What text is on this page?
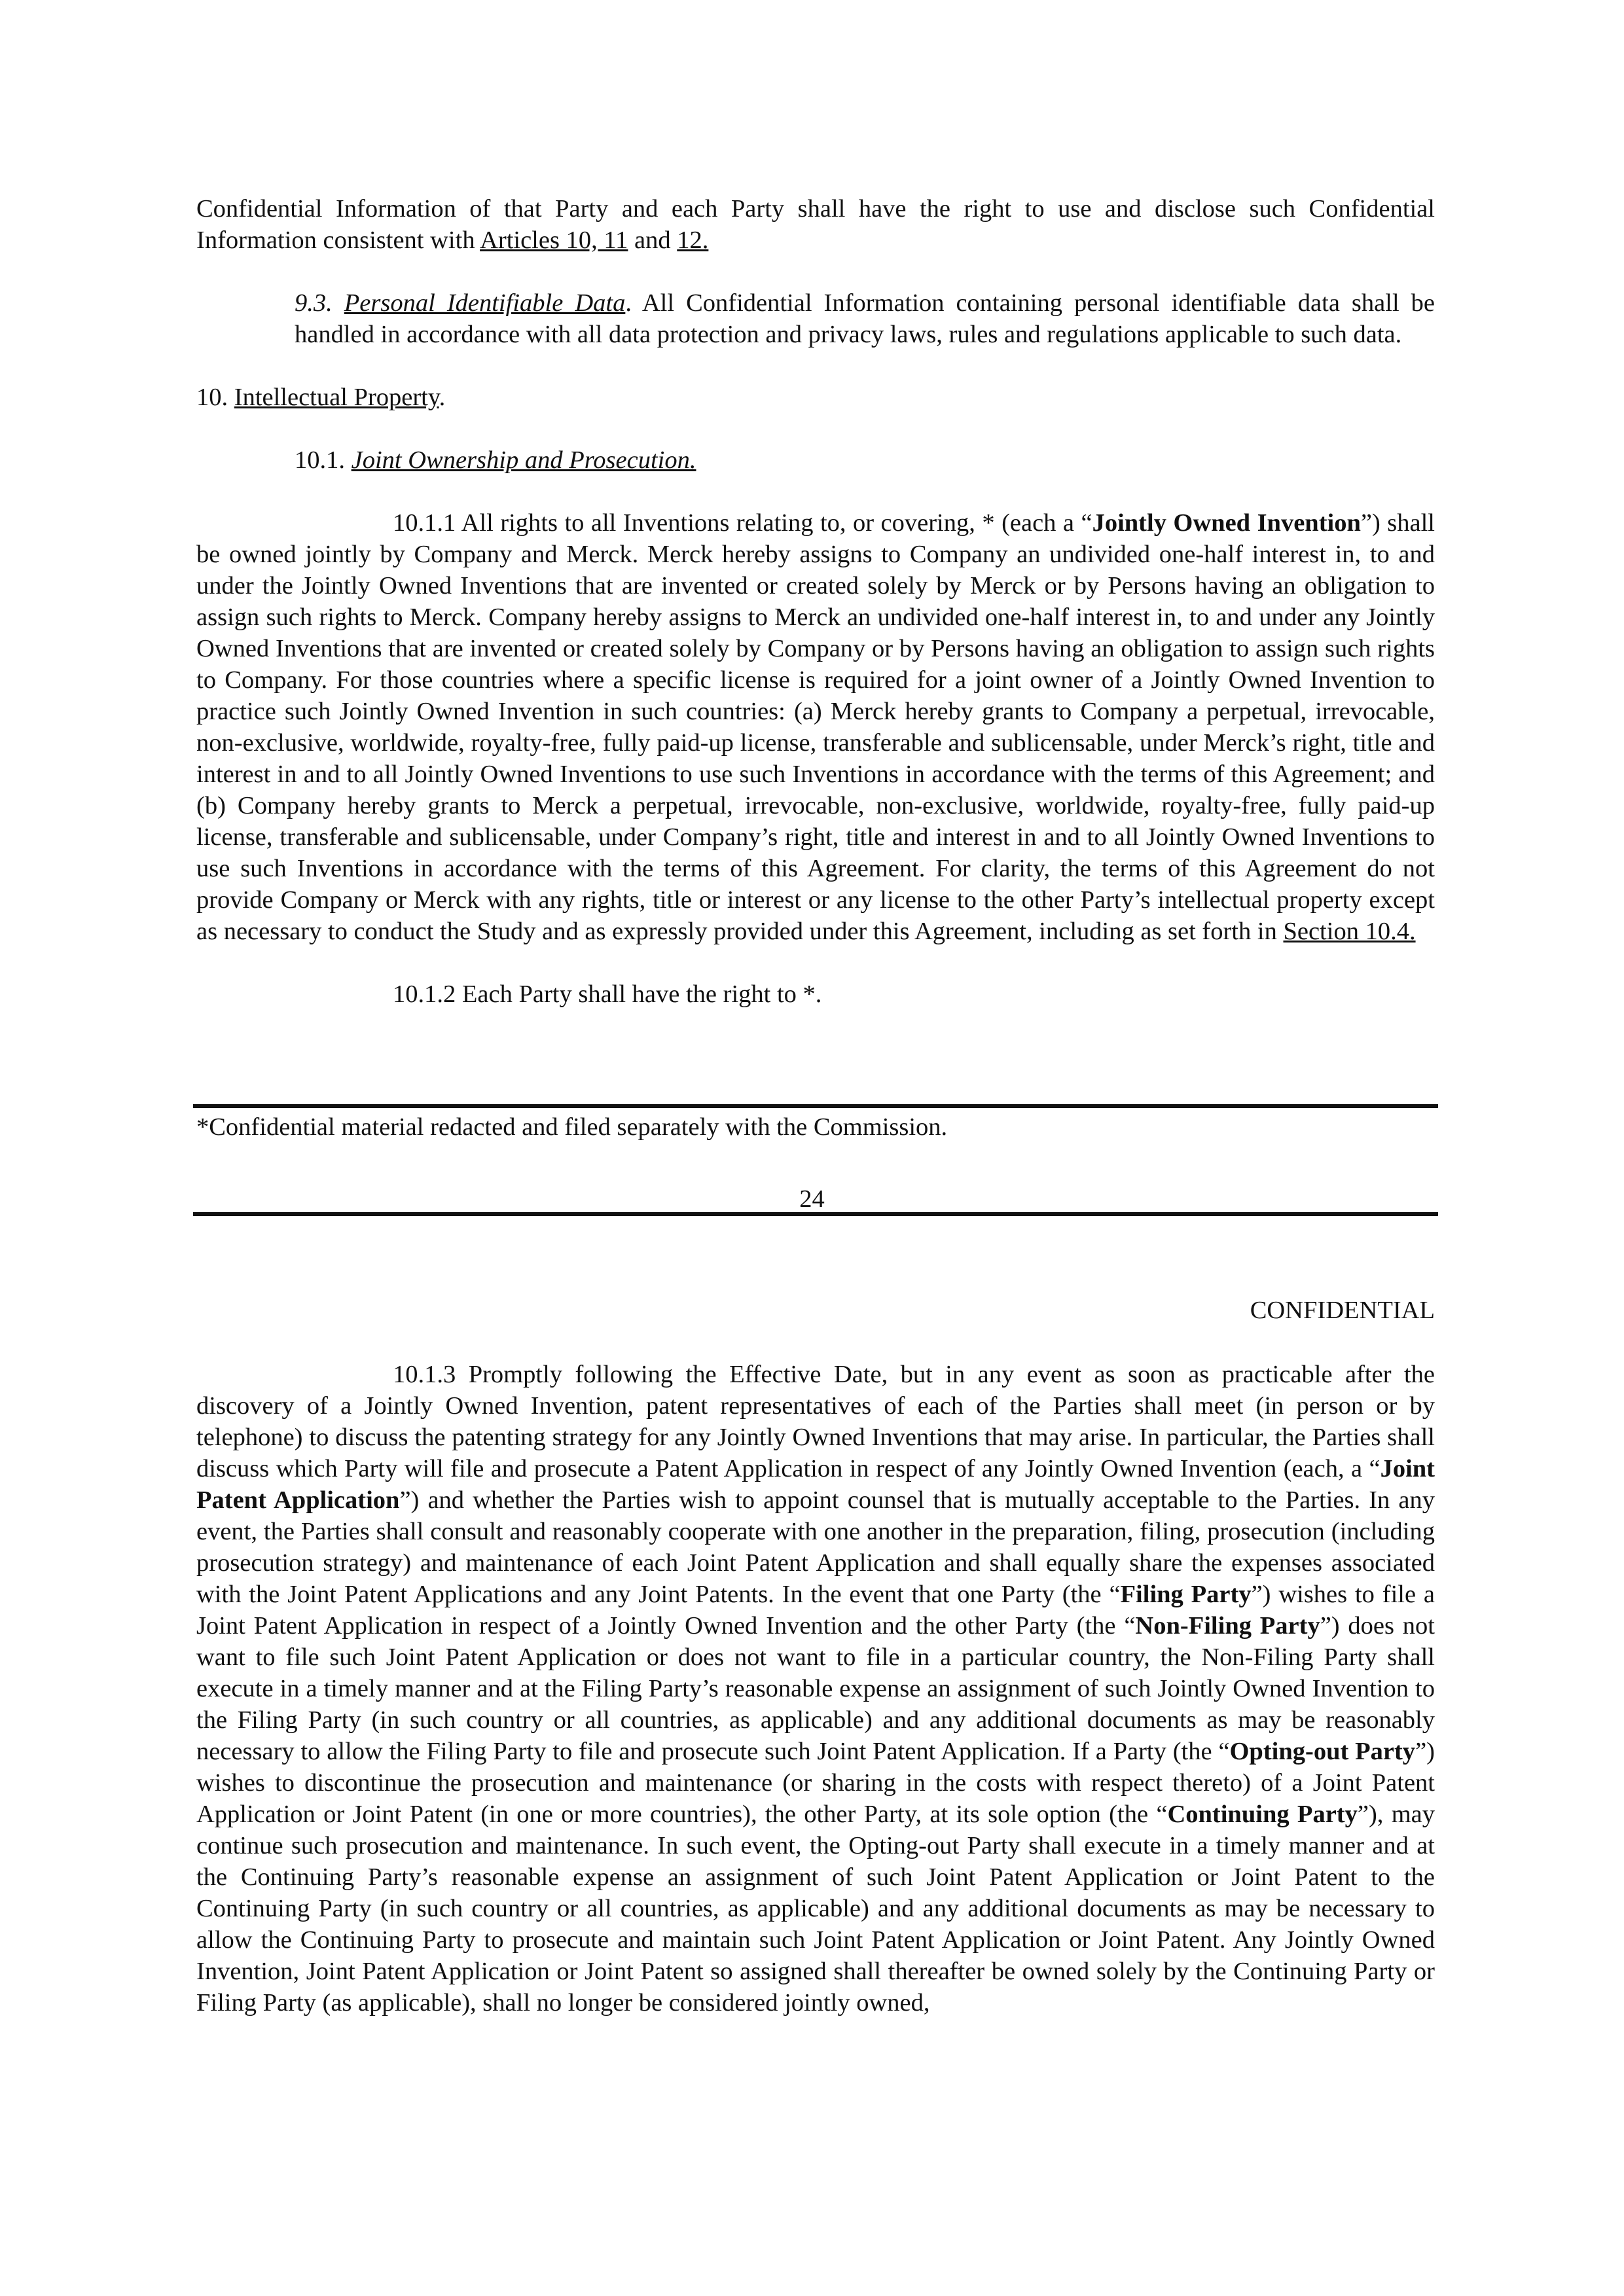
Confidential Information of that Party and each Party shall have the right to use and disclose such Confidential Information consistent with Articles 10, 11 and 12.

9.3. Personal Identifiable Data. All Confidential Information containing personal identifiable data shall be handled in accordance with all data protection and privacy laws, rules and regulations applicable to such data.

10. Intellectual Property.

10.1. Joint Ownership and Prosecution.

10.1.1 All rights to all Inventions relating to, or covering, * (each a “Jointly Owned Invention”) shall be owned jointly by Company and Merck. Merck hereby assigns to Company an undivided one-half interest in, to and under the Jointly Owned Inventions that are invented or created solely by Merck or by Persons having an obligation to assign such rights to Merck. Company hereby assigns to Merck an undivided one-half interest in, to and under any Jointly Owned Inventions that are invented or created solely by Company or by Persons having an obligation to assign such rights to Company. For those countries where a specific license is required for a joint owner of a Jointly Owned Invention to practice such Jointly Owned Invention in such countries: (a) Merck hereby grants to Company a perpetual, irrevocable, non-exclusive, worldwide, royalty-free, fully paid-up license, transferable and sublicensable, under Merck’s right, title and interest in and to all Jointly Owned Inventions to use such Inventions in accordance with the terms of this Agreement; and (b) Company hereby grants to Merck a perpetual, irrevocable, non-exclusive, worldwide, royalty-free, fully paid-up license, transferable and sublicensable, under Company’s right, title and interest in and to all Jointly Owned Inventions to use such Inventions in accordance with the terms of this Agreement. For clarity, the terms of this Agreement do not provide Company or Merck with any rights, title or interest or any license to the other Party’s intellectual property except as necessary to conduct the Study and as expressly provided under this Agreement, including as set forth in Section 10.4.

10.1.2 Each Party shall have the right to *.

*Confidential material redacted and filed separately with the Commission.
24
CONFIDENTIAL

10.1.3 Promptly following the Effective Date, but in any event as soon as practicable after the discovery of a Jointly Owned Invention, patent representatives of each of the Parties shall meet (in person or by telephone) to discuss the patenting strategy for any Jointly Owned Inventions that may arise. In particular, the Parties shall discuss which Party will file and prosecute a Patent Application in respect of any Jointly Owned Invention (each, a “Joint Patent Application”) and whether the Parties wish to appoint counsel that is mutually acceptable to the Parties. In any event, the Parties shall consult and reasonably cooperate with one another in the preparation, filing, prosecution (including prosecution strategy) and maintenance of each Joint Patent Application and shall equally share the expenses associated with the Joint Patent Applications and any Joint Patents. In the event that one Party (the “Filing Party”) wishes to file a Joint Patent Application in respect of a Jointly Owned Invention and the other Party (the “Non-Filing Party”) does not want to file such Joint Patent Application or does not want to file in a particular country, the Non-Filing Party shall execute in a timely manner and at the Filing Party’s reasonable expense an assignment of such Jointly Owned Invention to the Filing Party (in such country or all countries, as applicable) and any additional documents as may be reasonably necessary to allow the Filing Party to file and prosecute such Joint Patent Application. If a Party (the “Opting-out Party”) wishes to discontinue the prosecution and maintenance (or sharing in the costs with respect thereto) of a Joint Patent Application or Joint Patent (in one or more countries), the other Party, at its sole option (the “Continuing Party”), may continue such prosecution and maintenance. In such event, the Opting-out Party shall execute in a timely manner and at the Continuing Party’s reasonable expense an assignment of such Joint Patent Application or Joint Patent to the Continuing Party (in such country or all countries, as applicable) and any additional documents as may be necessary to allow the Continuing Party to prosecute and maintain such Joint Patent Application or Joint Patent. Any Jointly Owned Invention, Joint Patent Application or Joint Patent so assigned shall thereafter be owned solely by the Continuing Party or Filing Party (as applicable), shall no longer be considered jointly owned,
